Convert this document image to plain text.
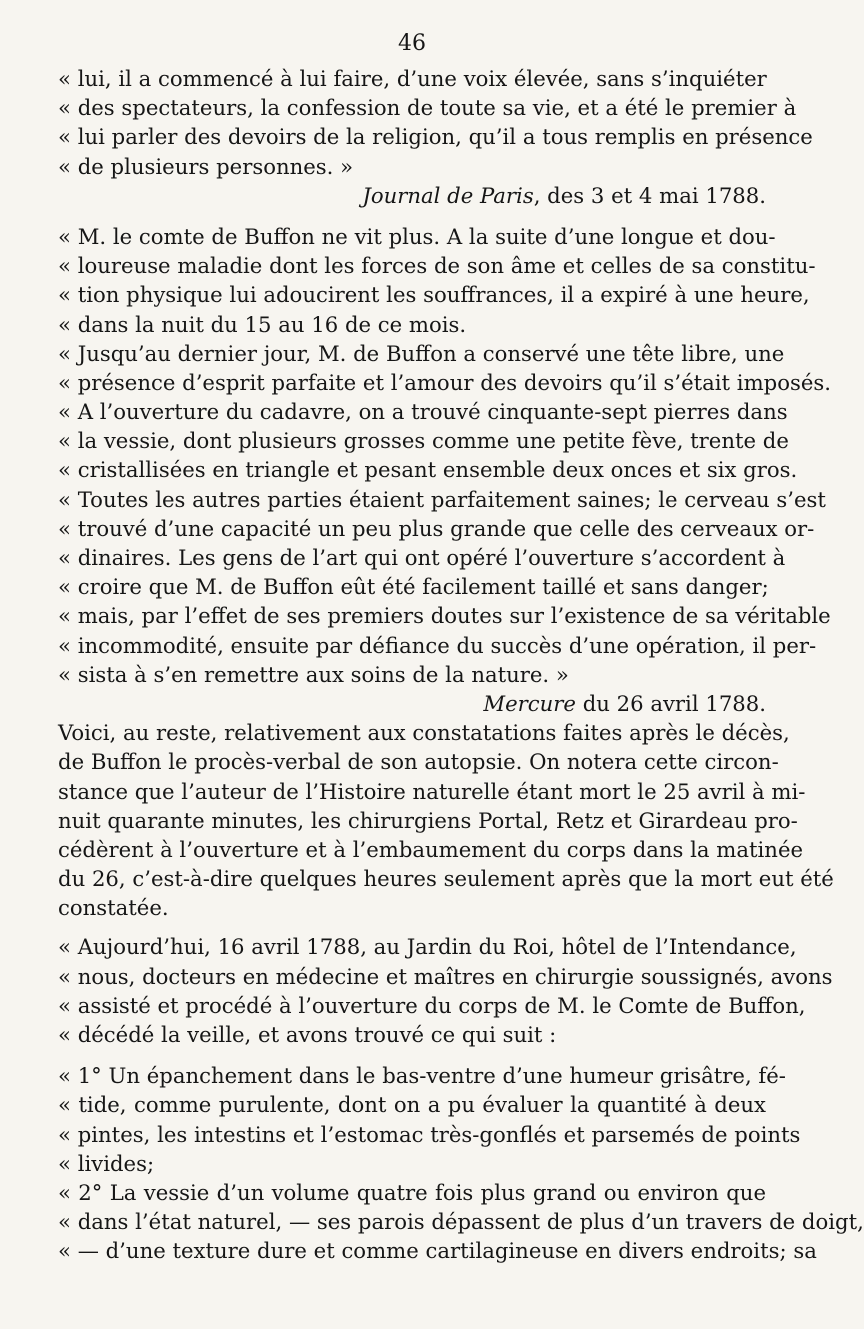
46
« lui, il a commencé à lui faire, d’une voix élevée, sans s’inquiéter
« des spectateurs, la confession de toute sa vie, et a été le premier à
« lui parler des devoirs de la religion, qu’il a tous remplis en présence
« de plusieurs personnes. »
Journal de Paris, des 3 et 4 mai 1788.
« M. le comte de Buffon ne vit plus. A la suite d’une longue et dou-
« loureuse maladie dont les forces de son âme et celles de sa constitu-
« tion physique lui adoucirent les souffrances, il a expiré à une heure,
« dans la nuit du 15 au 16 de ce mois.
« Jusqu’au dernier jour, M. de Buffon a conservé une tête libre, une
« présence d’esprit parfaite et l’amour des devoirs qu’il s’était imposés.
« A l’ouverture du cadavre, on a trouvé cinquante-sept pierres dans
« la vessie, dont plusieurs grosses comme une petite fève, trente de
« cristallisées en triangle et pesant ensemble deux onces et six gros.
« Toutes les autres parties étaient parfaitement saines; le cerveau s’est
« trouvé d’une capacité un peu plus grande que celle des cerveaux or-
« dinaires. Les gens de l’art qui ont opéré l’ouverture s’accordent à
« croire que M. de Buffon eût été facilement taillé et sans danger;
« mais, par l’effet de ses premiers doutes sur l’existence de sa véritable
« incommodité, ensuite par défiance du succès d’une opération, il per-
« sista à s’en remettre aux soins de la nature. »
Mercure du 26 avril 1788.
Voici, au reste, relativement aux constatations faites après le décès,
de Buffon le procès-verbal de son autopsie. On notera cette circon-
stance que l’auteur de l’Histoire naturelle étant mort le 25 avril à mi-
nuit quarante minutes, les chirurgiens Portal, Retz et Girardeau pro-
cédèrent à l’ouverture et à l’embaumement du corps dans la matinée
du 26, c’est-à-dire quelques heures seulement après que la mort eut été
constatée.
« Aujourd’hui, 16 avril 1788, au Jardin du Roi, hôtel de l’Intendance,
« nous, docteurs en médecine et maîtres en chirurgie soussignés, avons
« assisté et procédé à l’ouverture du corps de M. le Comte de Buffon,
« décédé la veille, et avons trouvé ce qui suit :
« 1° Un épanchement dans le bas-ventre d’une humeur grisâtre, fé-
« tide, comme purulente, dont on a pu évaluer la quantité à deux
« pintes, les intestins et l’estomac très-gonflés et parsemés de points
« livides;
« 2° La vessie d’un volume quatre fois plus grand ou environ que
« dans l’état naturel, — ses parois dépassent de plus d’un travers de doigt,
« — d’une texture dure et comme cartilagineuse en divers endroits; sa
